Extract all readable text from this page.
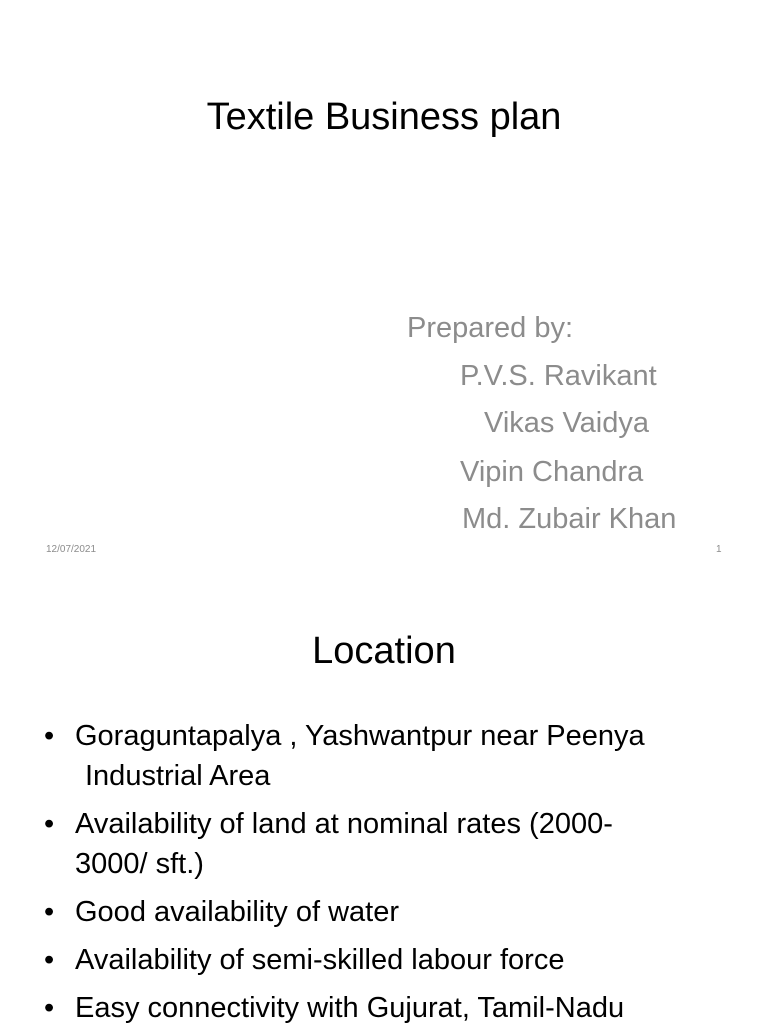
Textile Business plan
Prepared by:
P.V.S. Ravikant
Vikas Vaidya
Vipin Chandra
Md. Zubair Khan
12/07/2021	1
Location
• Goraguntapalya , Yashwantpur near Peenya
Industrial Area
• Availability of land at nominal rates (2000-
3000/ sft.)
• Good availability of water
• Availability of semi-skilled labour force
• Easy connectivity with Gujurat, Tamil-Nadu
